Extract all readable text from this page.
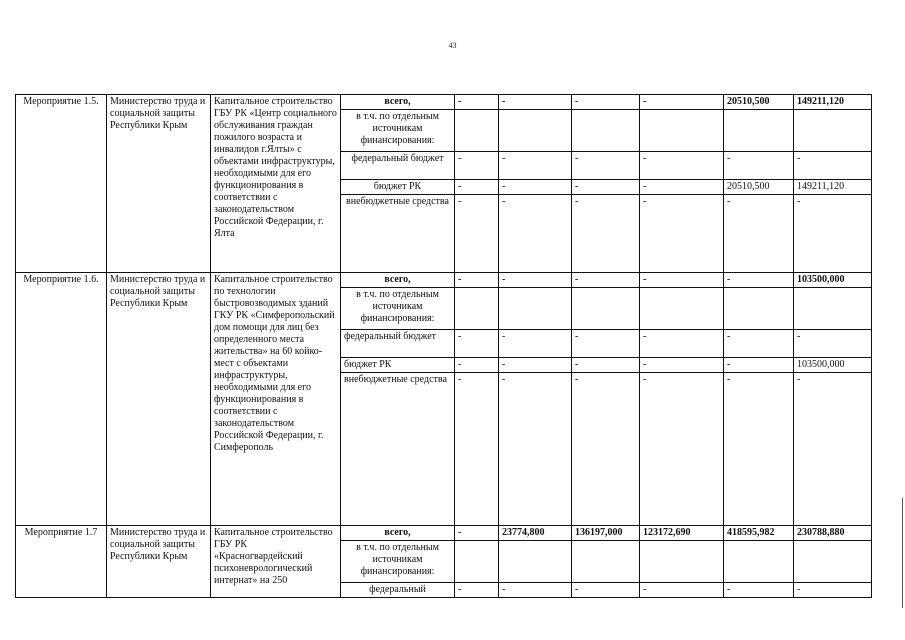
43
Мероприятие 1.5.	Министерство труда и социальной защиты Республики Крым	Капитальное строительство ГБУ РК «Центр социального обслуживания граждан пожилого возраста и инвалидов г.Ялты» с объектами инфраструктуры, необходимыми для его функционирования в соответствии с законодательством Российской Федерации, г. Ялта	всего,	-	-	-	-	20510,500	149211,120
			в т.ч. по отдельным источникам финансирования:						
			федеральный бюджет	-	-	-	-	-	-
			бюджет РК	-	-	-	-	20510,500	149211,120
			внебюджетные средства	-	-	-	-	-	-
Мероприятие 1.6.	Министерство труда и социальной защиты Республики Крым	Капитальное строительство по технологии быстровозводимых зданий ГКУ РК «Симферопольский дом помощи для лиц без определенного места жительства» на 60 койко-мест с объектами инфраструктуры, необходимыми для его функционирования в соответствии с законодательством Российской Федерации, г. Симферополь	всего,	-	-	-	-	-	103500,000
			в т.ч. по отдельным источникам финансирования:						
			федеральный бюджет	-	-	-	-	-	-
			бюджет РК	-	-	-	-	-	103500,000
			внебюджетные средства	-	-	-	-	-	-
Мероприятие 1.7	Министерство труда и социальной защиты Республики Крым	Капитальное строительство ГБУ РК «Красногвардейский психоневрологический интернат» на 250	всего,	-	23774,800	136197,000	123172,690	418595,982	230788,880
			в т.ч. по отдельным источникам финансирования:						
			федеральный	-	-	-	-	-	-
